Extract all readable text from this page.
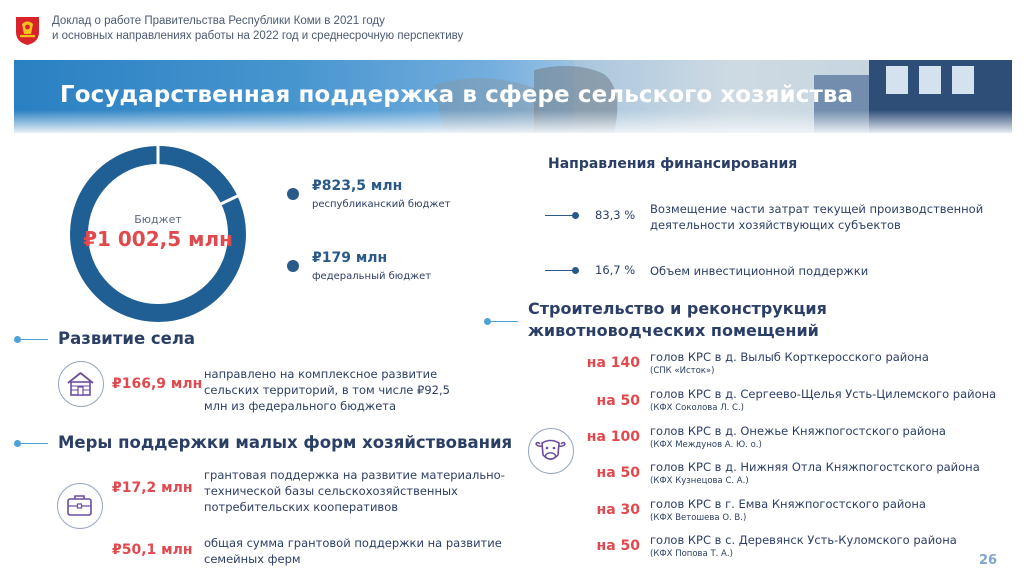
Доклад о работе Правительства Республики Коми в 2021 году
и основных направлениях работы на 2022 год и среднесрочную перспективу
Государственная поддержка в сфере сельского хозяйства
Бюджет
₽1 002,5 млн
₽823,5 млн
республиканский бюджет
₽179 млн
федеральный бюджет
Направления финансирования
83,3 % Возмещение части затрат текущей производственной деятельности хозяйствующих субъектов
16,7 % Объем инвестиционной поддержки
Развитие села
₽166,9 млн
направлено на комплексное развитие сельских территорий, в том числе ₽92,5 млн из федерального бюджета
Меры поддержки малых форм хозяйствования
₽17,2 млн
грантовая поддержка на развитие материально-технической базы сельскохозяйственных потребительских кооперативов
₽50,1 млн общая сумма грантовой поддержки на развитие семейных ферм
Строительство и реконструкция животноводческих помещений
на 140 голов КРС в д. Вылыб Корткеросского района
(СПК «Исток»)
на 50 голов КРС в д. Сергеево-Щелья Усть-Цилемского района
(КФХ Соколова Л. С.)
на 100 голов КРС в д. Онежье Княжпогостского района
(КФХ Междунов А. Ю. о.)
на 50 голов КРС в д. Нижняя Отла Княжпогостского района
(КФХ Кузнецова С. А.)
на 30 голов КРС в г. Емва Княжпогостского района
(КФХ Ветошева О. В.)
на 50 голов КРС в с. Деревянск Усть-Куломского района
(КФХ Попова Т. А.)	26
